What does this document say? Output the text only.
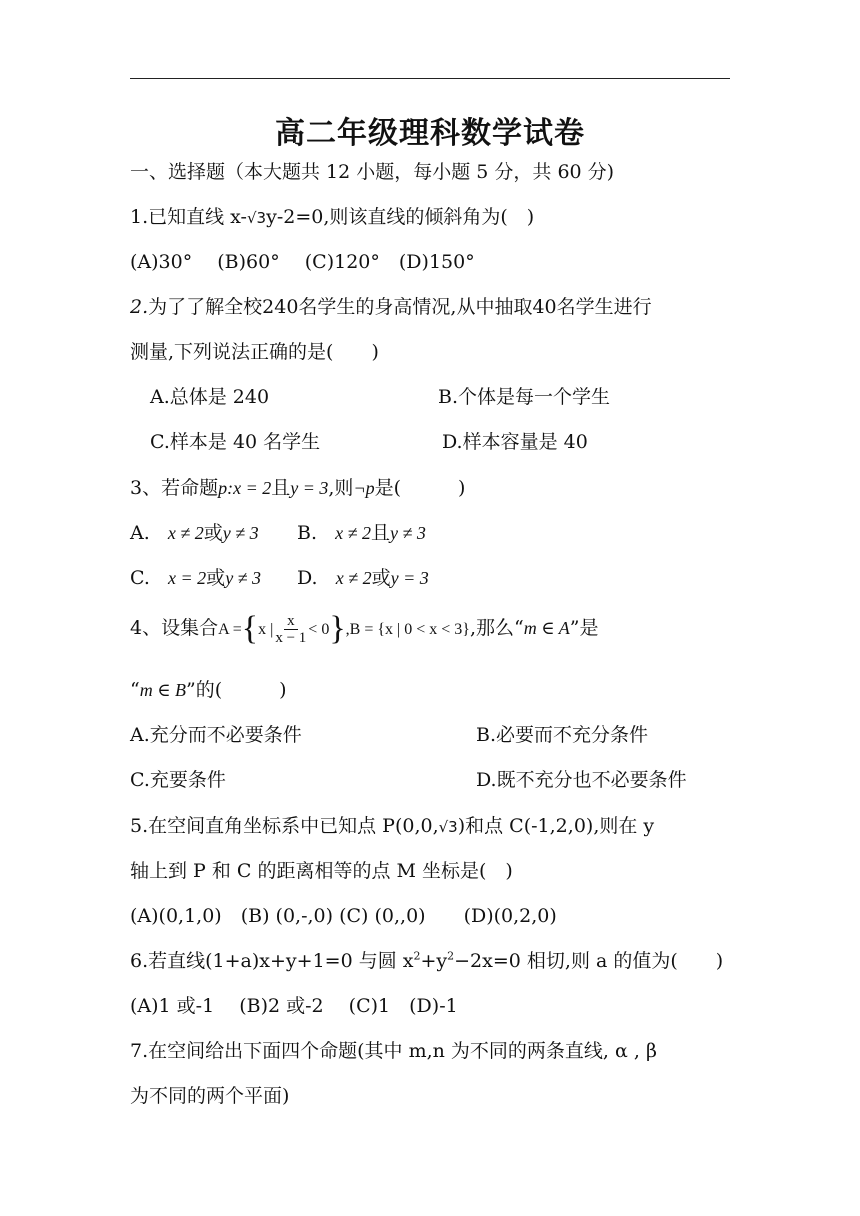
高二年级理科数学试卷
一、选择题（本大题共 12 小题，每小题 5 分，共 60 分)
1.已知直线 x-√3y-2=0,则该直线的倾斜角为(　)
(A)30°　 (B)60°　 (C)120°　(D)150°
2.为了了解全校240名学生的身高情况,从中抽取40名学生进行
测量,下列说法正确的是(　　)
A.总体是 240	B.个体是每一个学生
C.样本是 40 名学生	D.样本容量是 40
3、若命题p:x = 2且y = 3,则¬p是(　　　)
A. x ≠ 2或y ≠ 3 B. x ≠ 2且y ≠ 3
C. x = 2或y ≠ 3 D. x ≠ 2或y = 3
4、设集合A ={x | $\frac{x}{x - 1} < 0\},B = \{x$ | 0 < x < 3},那么“m ∈ A”是
“m ∈ B”的(　　　)
A.充分而不必要条件	B.必要而不充分条件
C.充要条件	D.既不充分也不必要条件
5.在空间直角坐标系中已知点 P(0,0,√3)和点 C(-1,2,0),则在 y
轴上到 P 和 C 的距离相等的点 M 坐标是(　)
(A)(0,1,0)　(B) (0,-,0) (C) (0,,0)　　(D)(0,2,0)
6.若直线(1+a)x+y+1=0 与圆 $x^2+y^2-2x=0$ 相切,则 a 的值为(　　)
(A)1 或-1　 (B)2 或-2　 (C)1　(D)-1
7.在空间给出下面四个命题(其中 m,n 为不同的两条直线, α , β
为不同的两个平面)
